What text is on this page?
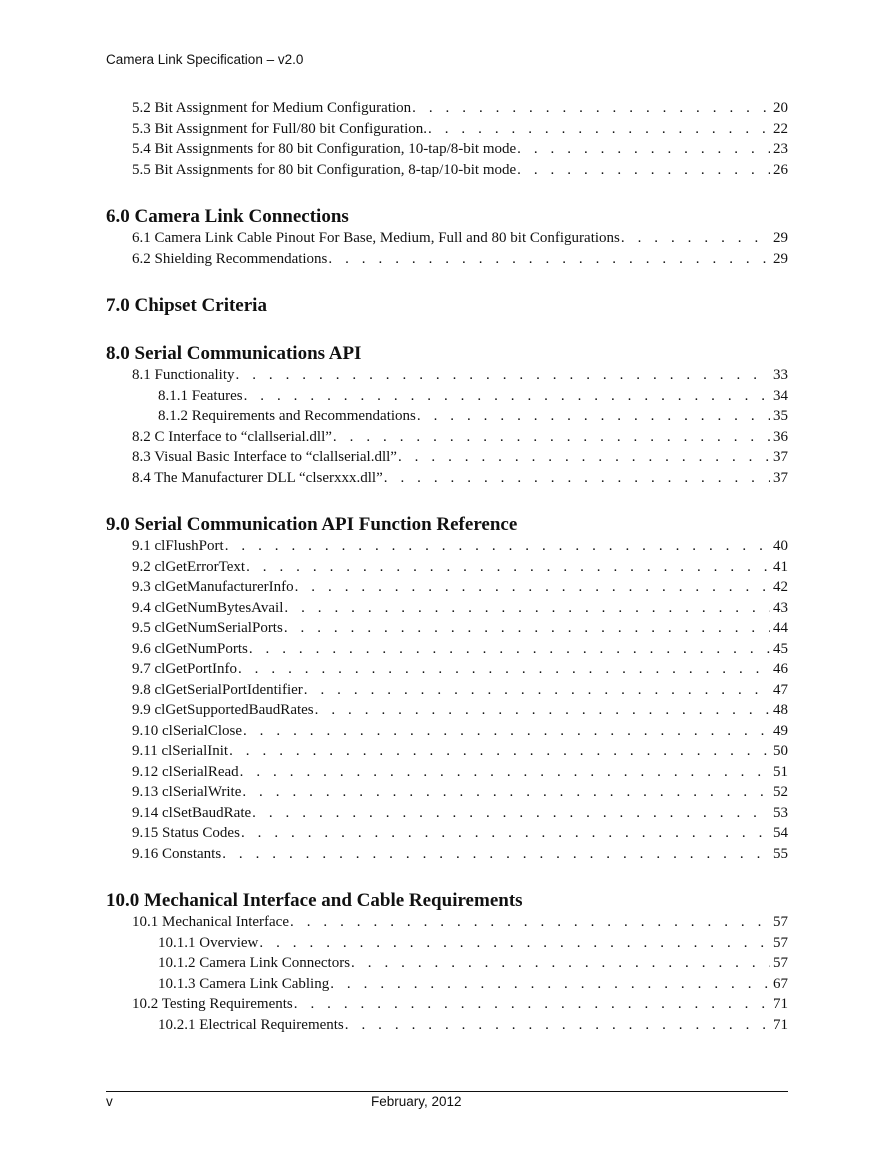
Camera Link Specification – v2.0
5.2 Bit Assignment for Medium Configuration . . .	20
5.3 Bit Assignment for Full/80 bit Configuration. . . .	22
5.4 Bit Assignments for 80 bit Configuration, 10-tap/8-bit mode . . .	23
5.5 Bit Assignments for 80 bit Configuration, 8-tap/10-bit mode . . .	26
6.0 Camera Link Connections
6.1 Camera Link Cable Pinout For Base, Medium, Full and 80 bit Configurations . . .	29
6.2 Shielding Recommendations . . .	29
7.0 Chipset Criteria
8.0 Serial Communications API
8.1 Functionality . . .	33
8.1.1 Features . . .	34
8.1.2 Requirements and Recommendations . . .	35
8.2 C Interface to “clallserial.dll” . . .	36
8.3 Visual Basic Interface to “clallserial.dll” . . .	37
8.4 The Manufacturer DLL “clserxxx.dll” . . .	37
9.0 Serial Communication API Function Reference
9.1 clFlushPort . . .	40
9.2 clGetErrorText . . .	41
9.3 clGetManufacturerInfo . . .	42
9.4 clGetNumBytesAvail . . .	43
9.5 clGetNumSerialPorts . . .	44
9.6 clGetNumPorts . . .	45
9.7 clGetPortInfo . . .	46
9.8 clGetSerialPortIdentifier . . .	47
9.9 clGetSupportedBaudRates . . .	48
9.10 clSerialClose . . .	49
9.11 clSerialInit . . .	50
9.12 clSerialRead . . .	51
9.13 clSerialWrite . . .	52
9.14 clSetBaudRate . . .	53
9.15 Status Codes . . .	54
9.16 Constants . . .	55
10.0 Mechanical Interface and Cable Requirements
10.1 Mechanical Interface . . .	57
10.1.1 Overview . . .	57
10.1.2 Camera Link Connectors . . .	57
10.1.3 Camera Link Cabling . . .	67
10.2 Testing Requirements . . .	71
10.2.1 Electrical Requirements . . .	71
v	February, 2012
